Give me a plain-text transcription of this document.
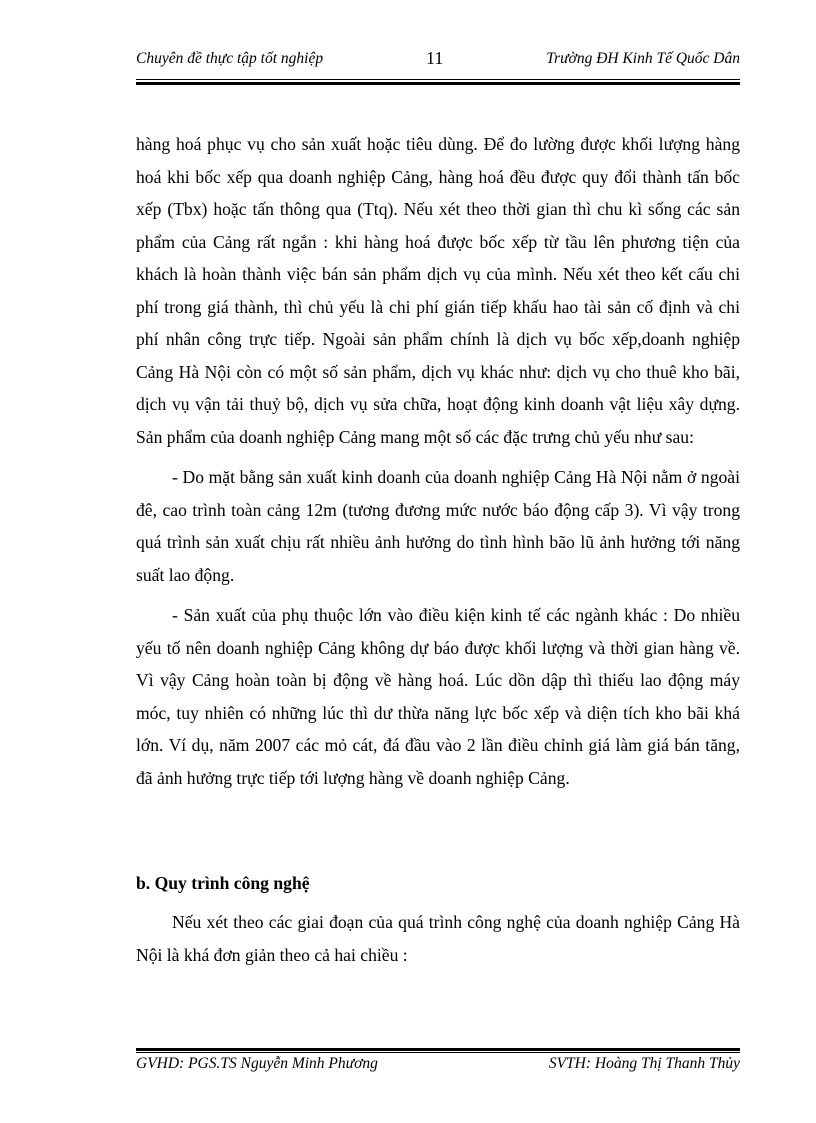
Chuyên đề thực tập tốt nghiệp	11	Trường ĐH Kinh Tế Quốc Dân

hàng hoá phục vụ cho sản xuất hoặc tiêu dùng. Để đo lường được khối lượng hàng hoá khi bốc xếp qua doanh nghiệp Cảng, hàng hoá đều được quy đổi thành tấn bốc xếp (Tbx) hoặc tấn thông qua (Ttq). Nếu xét theo thời gian thì chu kì sống các sản phẩm của Cảng rất ngắn : khi hàng hoá được bốc xếp từ tầu lên phương tiện của khách là hoàn thành việc bán sản phẩm dịch vụ của mình. Nếu xét theo kết cấu chi phí trong giá thành, thì chủ yếu là chi phí gián tiếp khấu hao tài sản cố định và chi phí nhân công trực tiếp. Ngoài sản phẩm chính là dịch vụ bốc xếp,doanh nghiệp Cảng Hà Nội còn có một số sản phẩm, dịch vụ khác như: dịch vụ cho thuê kho bãi, dịch vụ vận tải thuỷ bộ, dịch vụ sửa chữa, hoạt động kinh doanh vật liệu xây dựng. Sản phẩm của doanh nghiệp Cảng mang một số các đặc trưng chủ yếu như sau:

- Do mặt bằng sản xuất kinh doanh của doanh nghiệp Cảng Hà Nội nằm ở ngoài đê, cao trình toàn cảng 12m (tương đương mức nước báo động cấp 3). Vì vậy trong quá trình sản xuất chịu rất nhiều ảnh hưởng do tình hình bão lũ ảnh hưởng tới năng suất lao động.

- Sản xuất của phụ thuộc lớn vào điều kiện kinh tế các ngành khác : Do nhiều yếu tố nên doanh nghiệp Cảng không dự báo được khối lượng và thời gian hàng về. Vì vậy Cảng hoàn toàn bị động về hàng hoá. Lúc dồn dập thì thiếu lao động máy móc, tuy nhiên có những lúc thì dư thừa năng lực bốc xếp và diện tích kho bãi khá lớn. Ví dụ, năm 2007 các mỏ cát, đá đầu vào 2 lần điều chỉnh giá làm giá bán tăng, đã ảnh hưởng trực tiếp tới lượng hàng về doanh nghiệp Cảng.

b. Quy trình công nghệ

Nếu xét theo các giai đoạn của quá trình công nghệ của doanh nghiệp Cảng Hà Nội là khá đơn giản theo cả hai chiều :

GVHD: PGS.TS Nguyễn Minh Phương	SVTH: Hoàng Thị Thanh Thủy
